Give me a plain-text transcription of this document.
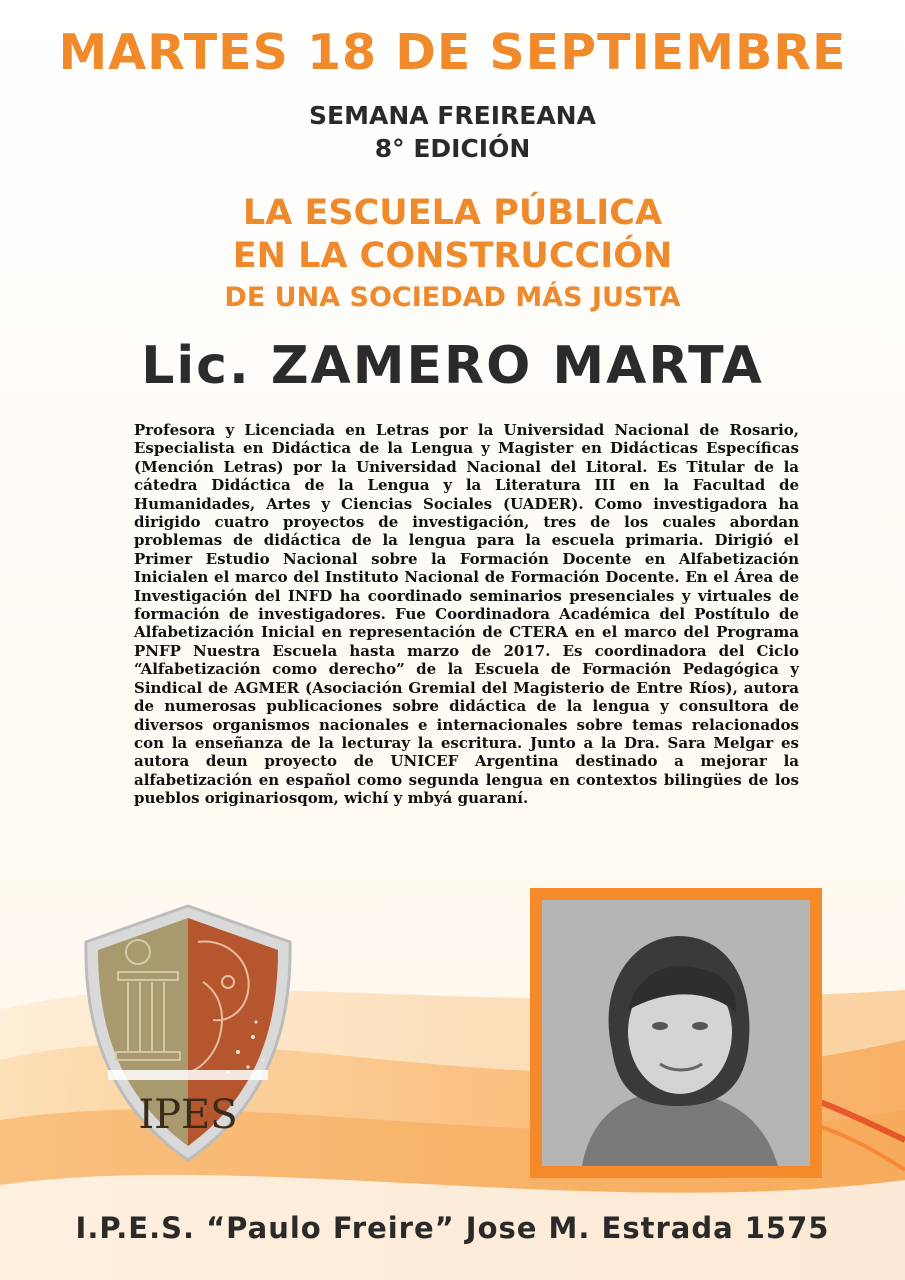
MARTES 18 DE SEPTIEMBRE
SEMANA FREIREANA
8° EDICIÓN
LA ESCUELA PÚBLICA
EN LA CONSTRUCCIÓN
DE UNA SOCIEDAD MÁS JUSTA
Lic. ZAMERO MARTA

Profesora y Licenciada en Letras por la Universidad Nacional de Rosario, Especialista en Didáctica de la Lengua y Magister en Didácticas Específicas (Mención Letras) por la Universidad Nacional del Litoral. Es Titular de la cátedra Didáctica de la Lengua y la Literatura III en la Facultad de Humanidades, Artes y Ciencias Sociales (UADER). Como investigadora ha dirigido cuatro proyectos de investigación, tres de los cuales abordan problemas de didáctica de la lengua para la escuela primaria. Dirigió el Primer Estudio Nacional sobre la Formación Docente en Alfabetización Inicialen el marco del Instituto Nacional de Formación Docente. En el Área de Investigación del INFD ha coordinado seminarios presenciales y virtuales de formación de investigadores. Fue Coordinadora Académica del Postítulo de Alfabetización Inicial en representación de CTERA en el marco del Programa PNFP Nuestra Escuela hasta marzo de 2017. Es coordinadora del Ciclo “Alfabetización como derecho” de la Escuela de Formación Pedagógica y Sindical de AGMER (Asociación Gremial del Magisterio de Entre Ríos), autora de numerosas publicaciones sobre didáctica de la lengua y consultora de diversos organismos nacionales e internacionales sobre temas relacionados con la enseñanza de la lecturay la escritura. Junto a la Dra. Sara Melgar es autora deun proyecto de UNICEF Argentina destinado a mejorar la alfabetización en español como segunda lengua en contextos bilingües de los pueblos originariosqom, wichí y mbyá guaraní.

IPES
I.P.E.S. “Paulo Freire” Jose M. Estrada 1575
